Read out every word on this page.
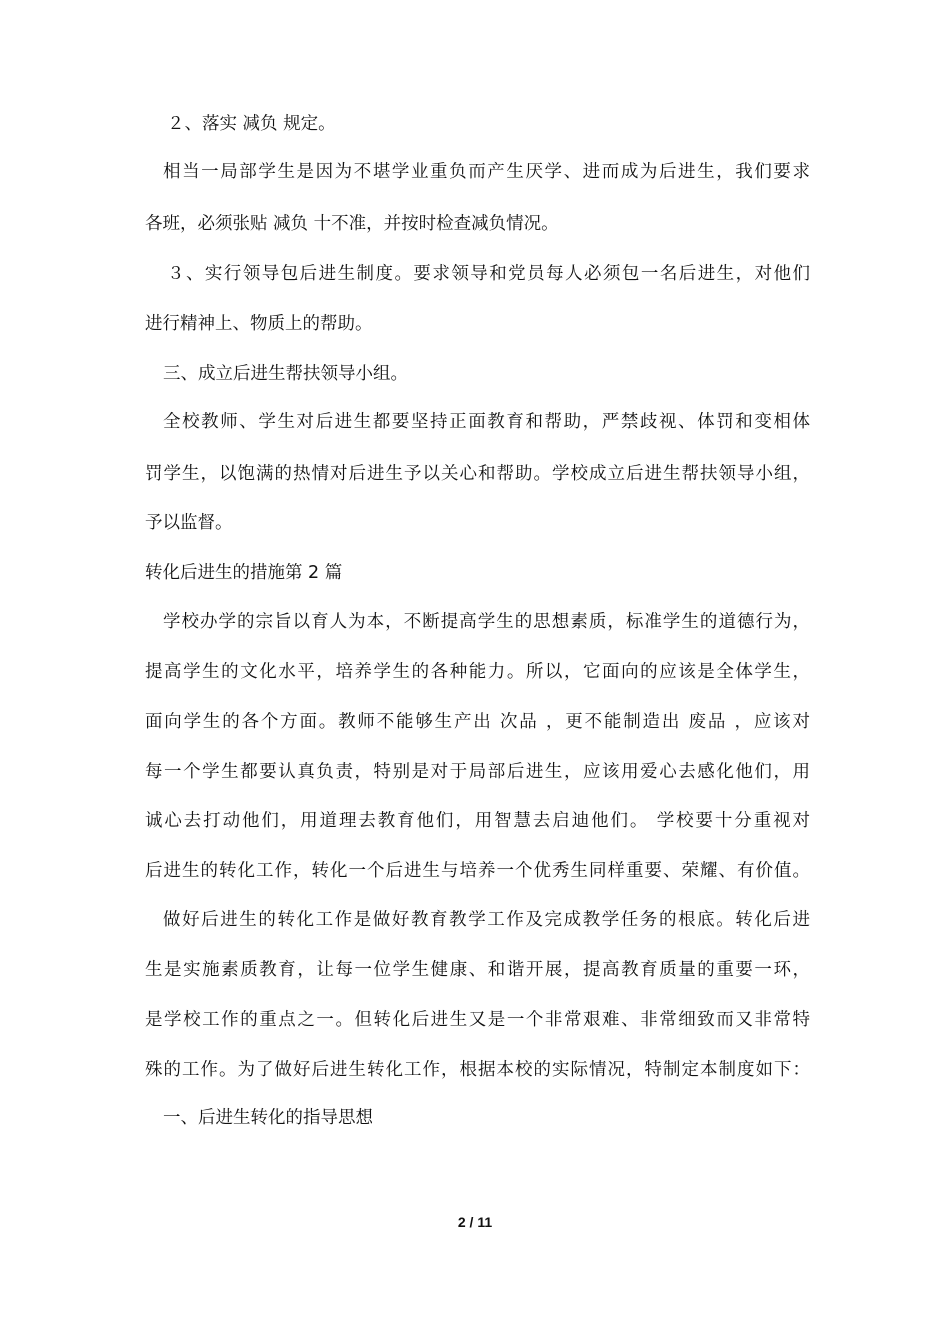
２、落实 减负 规定。
相当一局部学生是因为不堪学业重负而产生厌学、进而成为后进生，我们要求
各班，必须张贴 减负 十不准，并按时检查减负情况。
３、实行领导包后进生制度。要求领导和党员每人必须包一名后进生，对他们
进行精神上、物质上的帮助。
三、成立后进生帮扶领导小组。
全校教师、学生对后进生都要坚持正面教育和帮助，严禁歧视、体罚和变相体
罚学生，以饱满的热情对后进生予以关心和帮助。学校成立后进生帮扶领导小组，
予以监督。
转化后进生的措施第 2 篇
学校办学的宗旨以育人为本，不断提高学生的思想素质，标准学生的道德行为，
提高学生的文化水平，培养学生的各种能力。所以，它面向的应该是全体学生，
面向学生的各个方面。教师不能够生产出 次品 ，更不能制造出 废品 ，应该对
每一个学生都要认真负责，特别是对于局部后进生，应该用爱心去感化他们，用
诚心去打动他们，用道理去教育他们，用智慧去启迪他们。 学校要十分重视对
后进生的转化工作，转化一个后进生与培养一个优秀生同样重要、荣耀、有价值。
做好后进生的转化工作是做好教育教学工作及完成教学任务的根底。转化后进
生是实施素质教育，让每一位学生健康、和谐开展，提高教育质量的重要一环，
是学校工作的重点之一。但转化后进生又是一个非常艰难、非常细致而又非常特
殊的工作。为了做好后进生转化工作，根据本校的实际情况，特制定本制度如下：
一、后进生转化的指导思想
2 / 11
